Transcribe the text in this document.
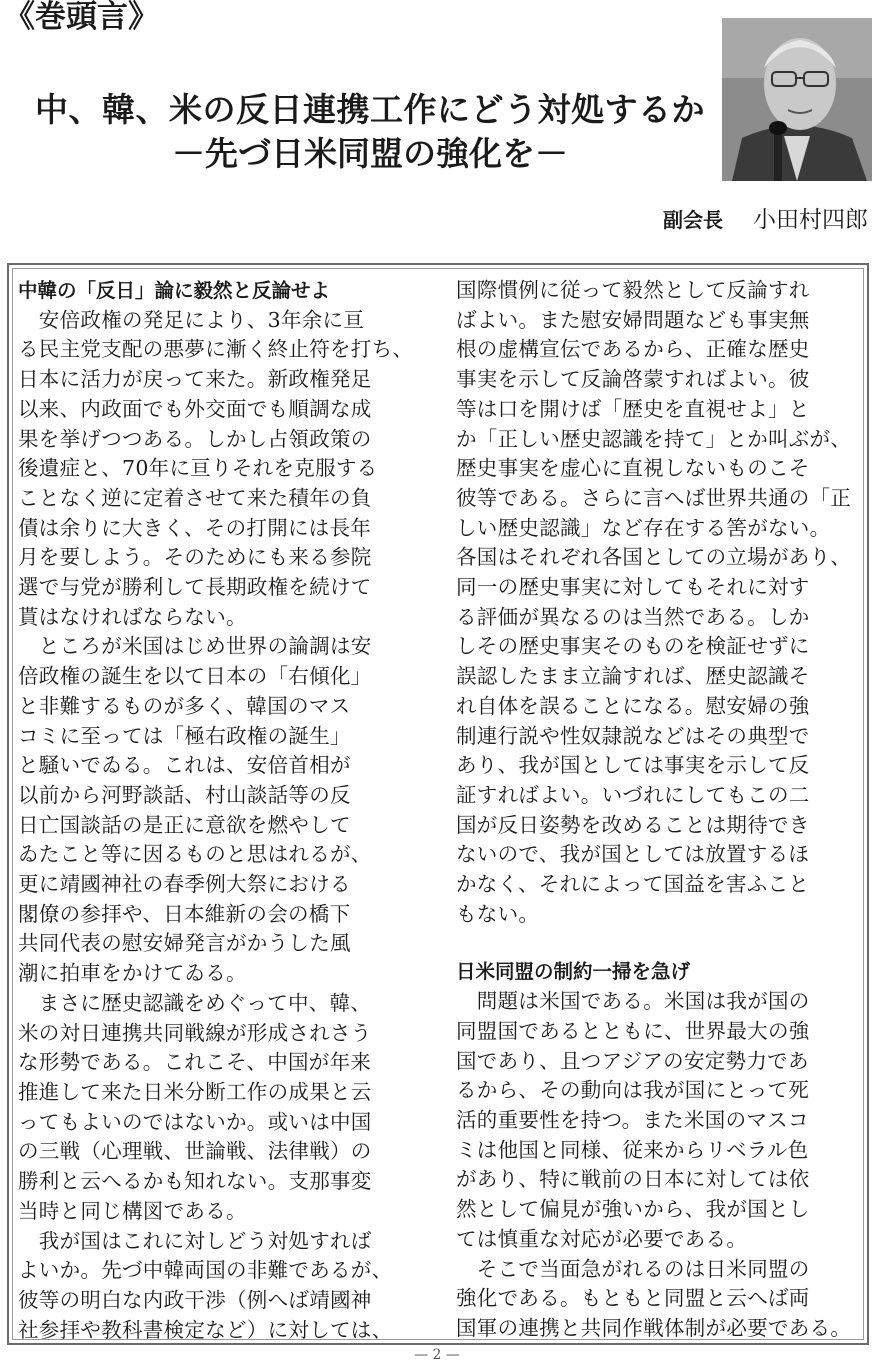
《巻頭言》
中、韓、米の反日連携工作にどう対処するか
－先づ日米同盟の強化を－
副会長 小田村四郎

中韓の「反日」論に毅然と反論せよ

　安倍政権の発足により、3年余に亘
る民主党支配の悪夢に漸く終止符を打ち、
日本に活力が戻って来た。新政権発足
以来、内政面でも外交面でも順調な成
果を挙げつつある。しかし占領政策の
後遺症と、70年に亘りそれを克服する
ことなく逆に定着させて来た積年の負
債は余りに大きく、その打開には長年
月を要しよう。そのためにも来る参院
選で与党が勝利して長期政権を続けて
貰はなければならない。

　ところが米国はじめ世界の論調は安
倍政権の誕生を以て日本の「右傾化」
と非難するものが多く、韓国のマス
コミに至っては「極右政権の誕生」
と騒いでゐる。これは、安倍首相が
以前から河野談話、村山談話等の反
日亡国談話の是正に意欲を燃やして
ゐたこと等に因るものと思はれるが、
更に靖國神社の春季例大祭における
閣僚の参拝や、日本維新の会の橋下
共同代表の慰安婦発言がかうした風
潮に拍車をかけてゐる。

　まさに歴史認識をめぐって中、韓、
米の対日連携共同戦線が形成されさう
な形勢である。これこそ、中国が年来
推進して来た日米分断工作の成果と云
ってもよいのではないか。或いは中国
の三戦（心理戦、世論戦、法律戦）の
勝利と云へるかも知れない。支那事変
当時と同じ構図である。

　我が国はこれに対しどう対処すれば
よいか。先づ中韓両国の非難であるが、
彼等の明白な内政干渉（例へば靖國神
社参拝や教科書検定など）に対しては、

国際慣例に従って毅然として反論すれ
ばよい。また慰安婦問題なども事実無
根の虚構宣伝であるから、正確な歴史
事実を示して反論啓蒙すればよい。彼
等は口を開けば「歴史を直視せよ」と
か「正しい歴史認識を持て」とか叫ぶが、
歴史事実を虚心に直視しないものこそ
彼等である。さらに言へば世界共通の「正
しい歴史認識」など存在する筈がない。
各国はそれぞれ各国としての立場があり、
同一の歴史事実に対してもそれに対す
る評価が異なるのは当然である。しか
しその歴史事実そのものを検証せずに
誤認したまま立論すれば、歴史認識そ
れ自体を誤ることになる。慰安婦の強
制連行説や性奴隷説などはその典型で
あり、我が国としては事実を示して反
証すればよい。いづれにしてもこの二
国が反日姿勢を改めることは期待でき
ないので、我が国としては放置するほ
かなく、それによって国益を害ふこと
もない。

日米同盟の制約一掃を急げ

　問題は米国である。米国は我が国の
同盟国であるとともに、世界最大の強
国であり、且つアジアの安定勢力であ
るから、その動向は我が国にとって死
活的重要性を持つ。また米国のマスコ
ミは他国と同様、従来からリベラル色
があり、特に戦前の日本に対しては依
然として偏見が強いから、我が国とし
ては慎重な対応が必要である。

　そこで当面急がれるのは日米同盟の
強化である。もともと同盟と云へば両
国軍の連携と共同作戦体制が必要である。

— 2 —
